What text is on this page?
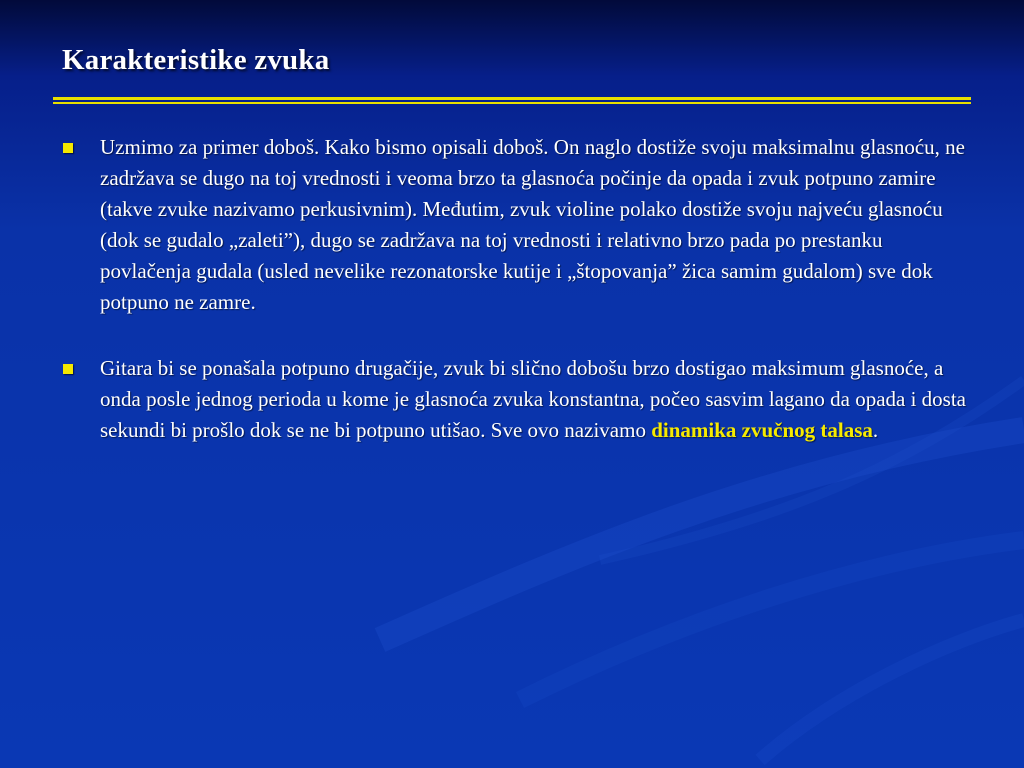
Karakteristike zvuka
Uzmimo za primer doboš. Kako bismo opisali doboš. On naglo dostiže svoju maksimalnu glasnoću, ne zadržava se dugo na toj vrednosti i veoma brzo ta glasnoća počinje da opada i zvuk potpuno zamire (takve zvuke nazivamo perkusivnim). Međutim, zvuk violine polako dostiže svoju najveću glasnoću (dok se gudalo „zaleti”), dugo se zadržava na toj vrednosti i relativno brzo pada po prestanku povlačenja gudala (usled nevelike rezonatorske kutije i „štopovanja” žica samim gudalom) sve dok potpuno ne zamre.
Gitara bi se ponašala potpuno drugačije, zvuk bi slično dobošu brzo dostigao maksimum glasnoće, a onda posle jednog perioda u kome je glasnoća zvuka konstantna, počeo sasvim lagano da opada i dosta sekundi bi prošlo dok se ne bi potpuno utišao. Sve ovo nazivamo dinamika zvučnog talasa.
